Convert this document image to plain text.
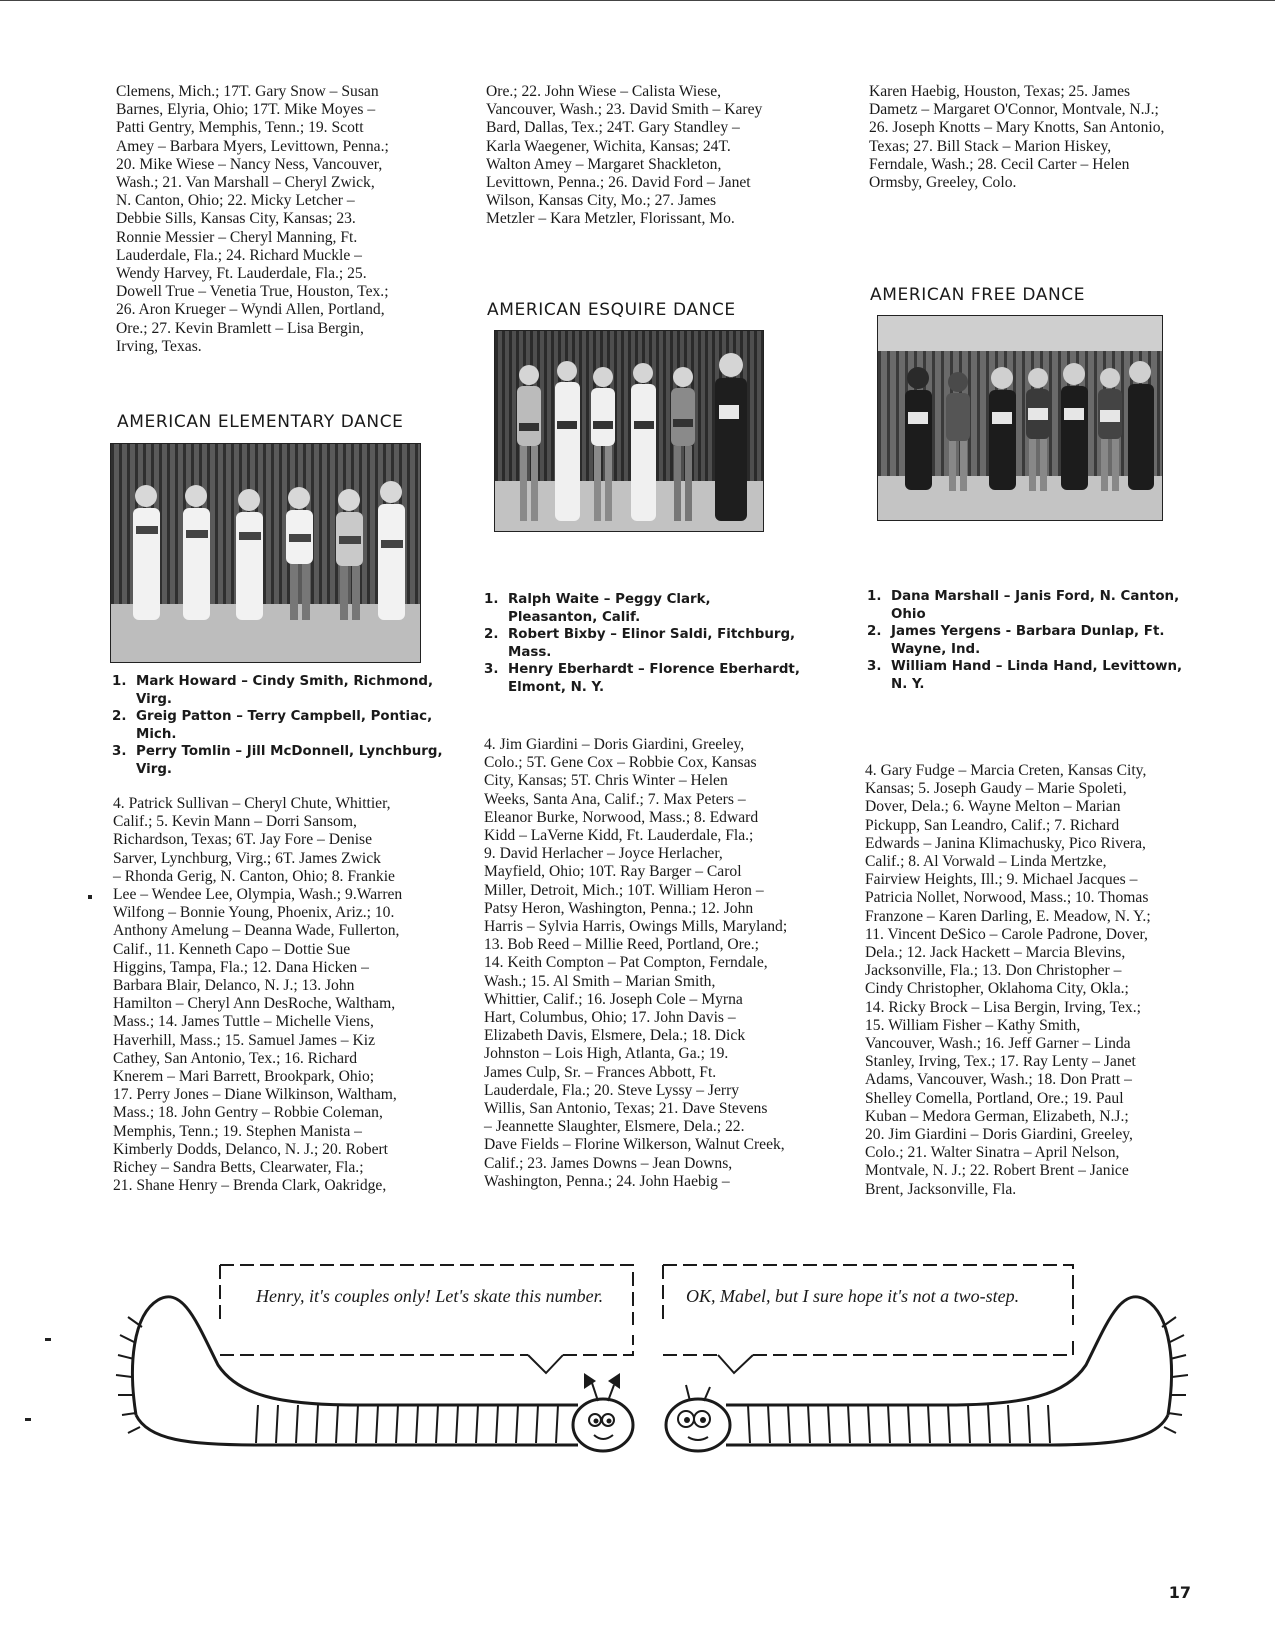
Clemens, Mich.; 17T. Gary Snow – Susan
Barnes, Elyria, Ohio; 17T. Mike Moyes –
Patti Gentry, Memphis, Tenn.; 19. Scott
Amey – Barbara Myers, Levittown, Penna.;
20. Mike Wiese – Nancy Ness, Vancouver,
Wash.; 21. Van Marshall – Cheryl Zwick,
N. Canton, Ohio; 22. Micky Letcher –
Debbie Sills, Kansas City, Kansas; 23.
Ronnie Messier – Cheryl Manning, Ft.
Lauderdale, Fla.; 24. Richard Muckle –
Wendy Harvey, Ft. Lauderdale, Fla.; 25.
Dowell True – Venetia True, Houston, Tex.;
26. Aron Krueger – Wyndi Allen, Portland,
Ore.; 27. Kevin Bramlett – Lisa Bergin,
Irving, Texas.

AMERICAN ELEMENTARY DANCE
1. Mark Howard – Cindy Smith, Richmond, Virg.
2. Greig Patton – Terry Campbell, Pontiac, Mich.
3. Perry Tomlin – Jill McDonnell, Lynchburg, Virg.

4. Patrick Sullivan – Cheryl Chute, Whittier,
Calif.; 5. Kevin Mann – Dorri Sansom,
Richardson, Texas; 6T. Jay Fore – Denise
Sarver, Lynchburg, Virg.; 6T. James Zwick
– Rhonda Gerig, N. Canton, Ohio; 8. Frankie
Lee – Wendee Lee, Olympia, Wash.; 9.Warren
Wilfong – Bonnie Young, Phoenix, Ariz.; 10.
Anthony Amelung – Deanna Wade, Fullerton,
Calif., 11. Kenneth Capo – Dottie Sue
Higgins, Tampa, Fla.; 12. Dana Hicken –
Barbara Blair, Delanco, N. J.; 13. John
Hamilton – Cheryl Ann DesRoche, Waltham,
Mass.; 14. James Tuttle – Michelle Viens,
Haverhill, Mass.; 15. Samuel James – Kiz
Cathey, San Antonio, Tex.; 16. Richard
Knerem – Mari Barrett, Brookpark, Ohio;
17. Perry Jones – Diane Wilkinson, Waltham,
Mass.; 18. John Gentry – Robbie Coleman,
Memphis, Tenn.; 19. Stephen Manista –
Kimberly Dodds, Delanco, N. J.; 20. Robert
Richey – Sandra Betts, Clearwater, Fla.;
21. Shane Henry – Brenda Clark, Oakridge,

Ore.; 22. John Wiese – Calista Wiese,
Vancouver, Wash.; 23. David Smith – Karey
Bard, Dallas, Tex.; 24T. Gary Standley –
Karla Waegener, Wichita, Kansas; 24T.
Walton Amey – Margaret Shackleton,
Levittown, Penna.; 26. David Ford – Janet
Wilson, Kansas City, Mo.; 27. James
Metzler – Kara Metzler, Florissant, Mo.

AMERICAN ESQUIRE DANCE
1. Ralph Waite – Peggy Clark, Pleasanton, Calif.
2. Robert Bixby – Elinor Saldi, Fitchburg, Mass.
3. Henry Eberhardt – Florence Eberhardt, Elmont, N. Y.

4. Jim Giardini – Doris Giardini, Greeley,
Colo.; 5T. Gene Cox – Robbie Cox, Kansas
City, Kansas; 5T. Chris Winter – Helen
Weeks, Santa Ana, Calif.; 7. Max Peters –
Eleanor Burke, Norwood, Mass.; 8. Edward
Kidd – LaVerne Kidd, Ft. Lauderdale, Fla.;
9. David Herlacher – Joyce Herlacher,
Mayfield, Ohio; 10T. Ray Barger – Carol
Miller, Detroit, Mich.; 10T. William Heron –
Patsy Heron, Washington, Penna.; 12. John
Harris – Sylvia Harris, Owings Mills, Maryland;
13. Bob Reed – Millie Reed, Portland, Ore.;
14. Keith Compton – Pat Compton, Ferndale,
Wash.; 15. Al Smith – Marian Smith,
Whittier, Calif.; 16. Joseph Cole – Myrna
Hart, Columbus, Ohio; 17. John Davis –
Elizabeth Davis, Elsmere, Dela.; 18. Dick
Johnston – Lois High, Atlanta, Ga.; 19.
James Culp, Sr. – Frances Abbott, Ft.
Lauderdale, Fla.; 20. Steve Lyssy – Jerry
Willis, San Antonio, Texas; 21. Dave Stevens
– Jeannette Slaughter, Elsmere, Dela.; 22.
Dave Fields – Florine Wilkerson, Walnut Creek,
Calif.; 23. James Downs – Jean Downs,
Washington, Penna.; 24. John Haebig –

Karen Haebig, Houston, Texas; 25. James
Dametz – Margaret O'Connor, Montvale, N.J.;
26. Joseph Knotts – Mary Knotts, San Antonio,
Texas; 27. Bill Stack – Marion Hiskey,
Ferndale, Wash.; 28. Cecil Carter – Helen
Ormsby, Greeley, Colo.

AMERICAN FREE DANCE
1. Dana Marshall – Janis Ford, N. Canton, Ohio
2. James Yergens - Barbara Dunlap, Ft. Wayne, Ind.
3. William Hand – Linda Hand, Levittown, N. Y.

4. Gary Fudge – Marcia Creten, Kansas City,
Kansas; 5. Joseph Gaudy – Marie Spoleti,
Dover, Dela.; 6. Wayne Melton – Marian
Pickupp, San Leandro, Calif.; 7. Richard
Edwards – Janina Klimachusky, Pico Rivera,
Calif.; 8. Al Vorwald – Linda Mertzke,
Fairview Heights, Ill.; 9. Michael Jacques –
Patricia Nollet, Norwood, Mass.; 10. Thomas
Franzone – Karen Darling, E. Meadow, N. Y.;
11. Vincent DeSico – Carole Padrone, Dover,
Dela.; 12. Jack Hackett – Marcia Blevins,
Jacksonville, Fla.; 13. Don Christopher –
Cindy Christopher, Oklahoma City, Okla.;
14. Ricky Brock – Lisa Bergin, Irving, Tex.;
15. William Fisher – Kathy Smith,
Vancouver, Wash.; 16. Jeff Garner – Linda
Stanley, Irving, Tex.; 17. Ray Lenty – Janet
Adams, Vancouver, Wash.; 18. Don Pratt –
Shelley Comella, Portland, Ore.; 19. Paul
Kuban – Medora German, Elizabeth, N.J.;
20. Jim Giardini – Doris Giardini, Greeley,
Colo.; 21. Walter Sinatra – April Nelson,
Montvale, N. J.; 22. Robert Brent – Janice
Brent, Jacksonville, Fla.

Henry, it's couples only! Let's skate this number.	OK, Mabel, but I sure hope it's not a two-step.
17
